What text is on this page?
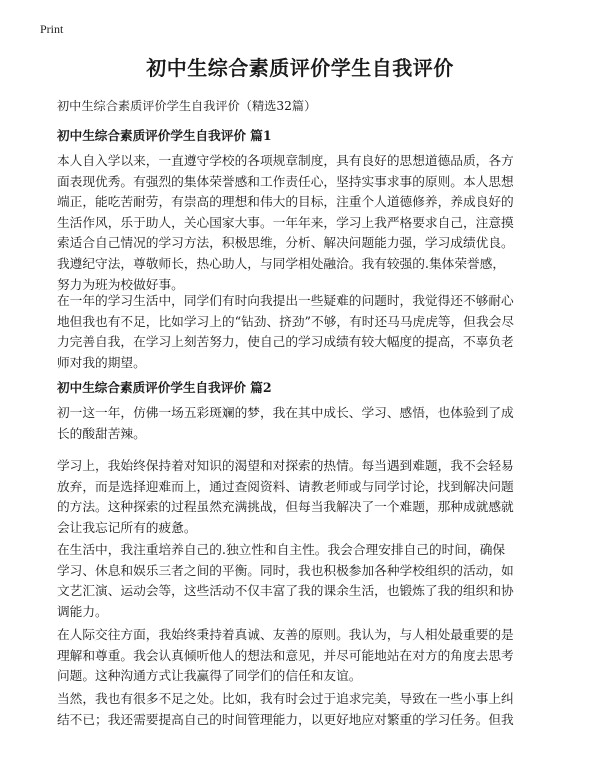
Print
初中生综合素质评价学生自我评价
初中生综合素质评价学生自我评价（精选32篇）
初中生综合素质评价学生自我评价 篇1
本人自入学以来，一直遵守学校的各项规章制度，具有良好的思想道德品质，各方
面表现优秀。有强烈的集体荣誉感和工作责任心，坚持实事求事的原则。本人思想
端正，能吃苦耐劳，有崇高的理想和伟大的目标，注重个人道德修养，养成良好的
生活作风，乐于助人，关心国家大事。一年年来，学习上我严格要求自己，注意摸
索适合自己情况的学习方法，积极思维，分析、解决问题能力强，学习成绩优良。
我遵纪守法，尊敬师长，热心助人，与同学相处融洽。我有较强的.集体荣誉感，
努力为班为校做好事。
在一年的学习生活中，同学们有时向我提出一些疑难的问题时，我觉得还不够耐心
地但我也有不足，比如学习上的“钻劲、挤劲”不够，有时还马马虎虎等，但我会尽
力完善自我，在学习上刻苦努力，使自己的学习成绩有较大幅度的提高，不辜负老
师对我的期望。
初中生综合素质评价学生自我评价 篇2
初一这一年，仿佛一场五彩斑斓的梦，我在其中成长、学习、感悟，也体验到了成
长的酸甜苦辣。
学习上，我始终保持着对知识的渴望和对探索的热情。每当遇到难题，我不会轻易
放弃，而是选择迎难而上，通过查阅资料、请教老师或与同学讨论，找到解决问题
的方法。这种探索的过程虽然充满挑战，但每当我解决了一个难题，那种成就感就
会让我忘记所有的疲惫。
在生活中，我注重培养自己的.独立性和自主性。我会合理安排自己的时间，确保
学习、休息和娱乐三者之间的平衡。同时，我也积极参加各种学校组织的活动，如
文艺汇演、运动会等，这些活动不仅丰富了我的课余生活，也锻炼了我的组织和协
调能力。
在人际交往方面，我始终秉持着真诚、友善的原则。我认为，与人相处最重要的是
理解和尊重。我会认真倾听他人的想法和意见，并尽可能地站在对方的角度去思考
问题。这种沟通方式让我赢得了同学们的信任和友谊。
当然，我也有很多不足之处。比如，我有时会过于追求完美，导致在一些小事上纠
结不已；我还需要提高自己的时间管理能力，以更好地应对繁重的学习任务。但我
